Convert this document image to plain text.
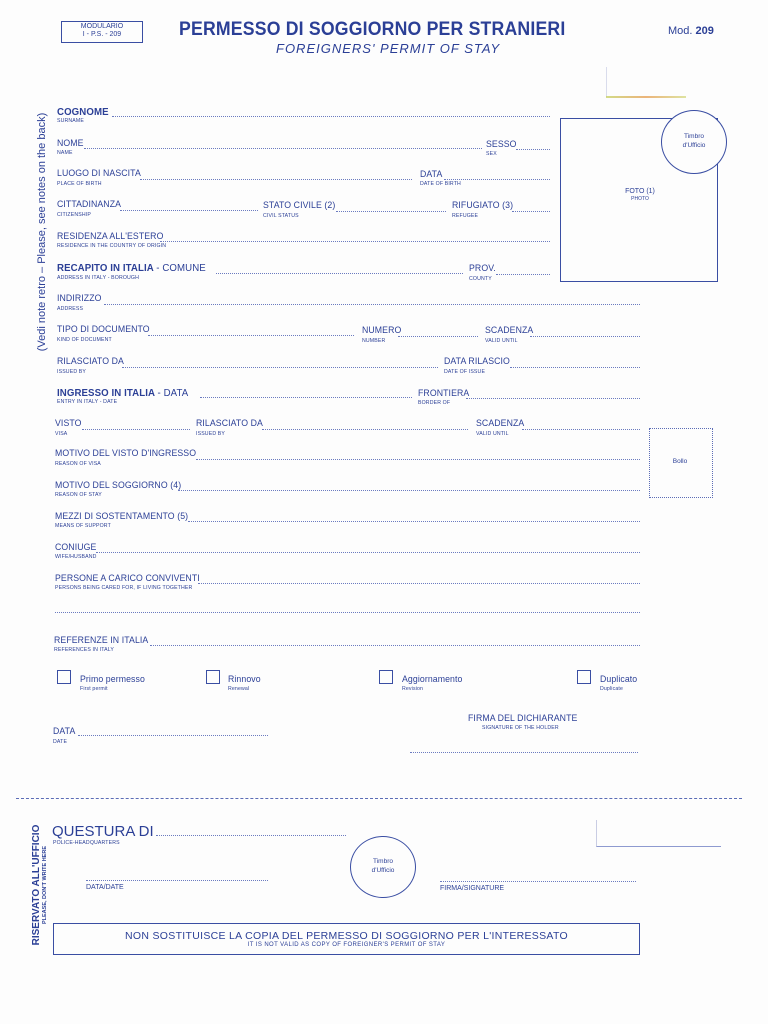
MODULARIO
I - P.S. - 209	PERMESSO DI SOGGIORNO PER STRANIERI
FOREIGNERS' PERMIT OF STAY
Mod. 209
(Vedi note retro – Please, see notes on the back)	FOTO (1)
PHOTO
Timbro
d'Ufficio
Bollo
COGNOME
SURNAME
NOME
NAME
SESSO
SEX
LUOGO DI NASCITA
PLACE OF BIRTH
DATA
DATE OF BIRTH
CITTADINANZA
CITIZENSHIP
STATO CIVILE (2)
CIVIL STATUS
RIFUGIATO (3)
REFUGEE
RESIDENZA ALL'ESTERO
RESIDENCE IN THE COUNTRY OF ORIGIN
RECAPITO IN ITALIA - COMUNE
ADDRESS IN ITALY - BOROUGH
PROV.
COUNTY
INDIRIZZO
ADDRESS
TIPO DI DOCUMENTO
KIND OF DOCUMENT
NUMERO
NUMBER
SCADENZA
VALID UNTIL
RILASCIATO DA
ISSUED BY
DATA RILASCIO
DATE OF ISSUE
INGRESSO IN ITALIA - DATA
ENTRY IN ITALY - DATE
FRONTIERA
BORDER OF
VISTO
VISA
RILASCIATO DA
ISSUED BY
SCADENZA
VALID UNTIL
MOTIVO DEL VISTO D'INGRESSO
REASON OF VISA
MOTIVO DEL SOGGIORNO (4)
REASON OF STAY
MEZZI DI SOSTENTAMENTO (5)
MEANS OF SUPPORT
CONIUGE
WIFE/HUSBAND
PERSONE A CARICO CONVIVENTI
PERSONS BEING CARED FOR, IF LIVING TOGETHER
REFERENZE IN ITALIA
REFERENCES IN ITALY
Primo permesso
First permit
Rinnovo
Renewal
Aggiornamento
Revision
Duplicato
Duplicate
DATA
DATE
FIRMA DEL DICHIARANTE
SIGNATURE OF THE HOLDER
RISERVATO ALL'UFFICIO PLEASE, DON'T WRITE HERE
QUESTURA DI
POLICE-HEADQUARTERS
Timbro
d'Ufficio
DATA/DATE	FIRMA/SIGNATURE
NON SOSTITUISCE LA COPIA DEL PERMESSO DI SOGGIORNO PER L'INTERESSATO
IT IS NOT VALID AS COPY OF FOREIGNER'S PERMIT OF STAY
